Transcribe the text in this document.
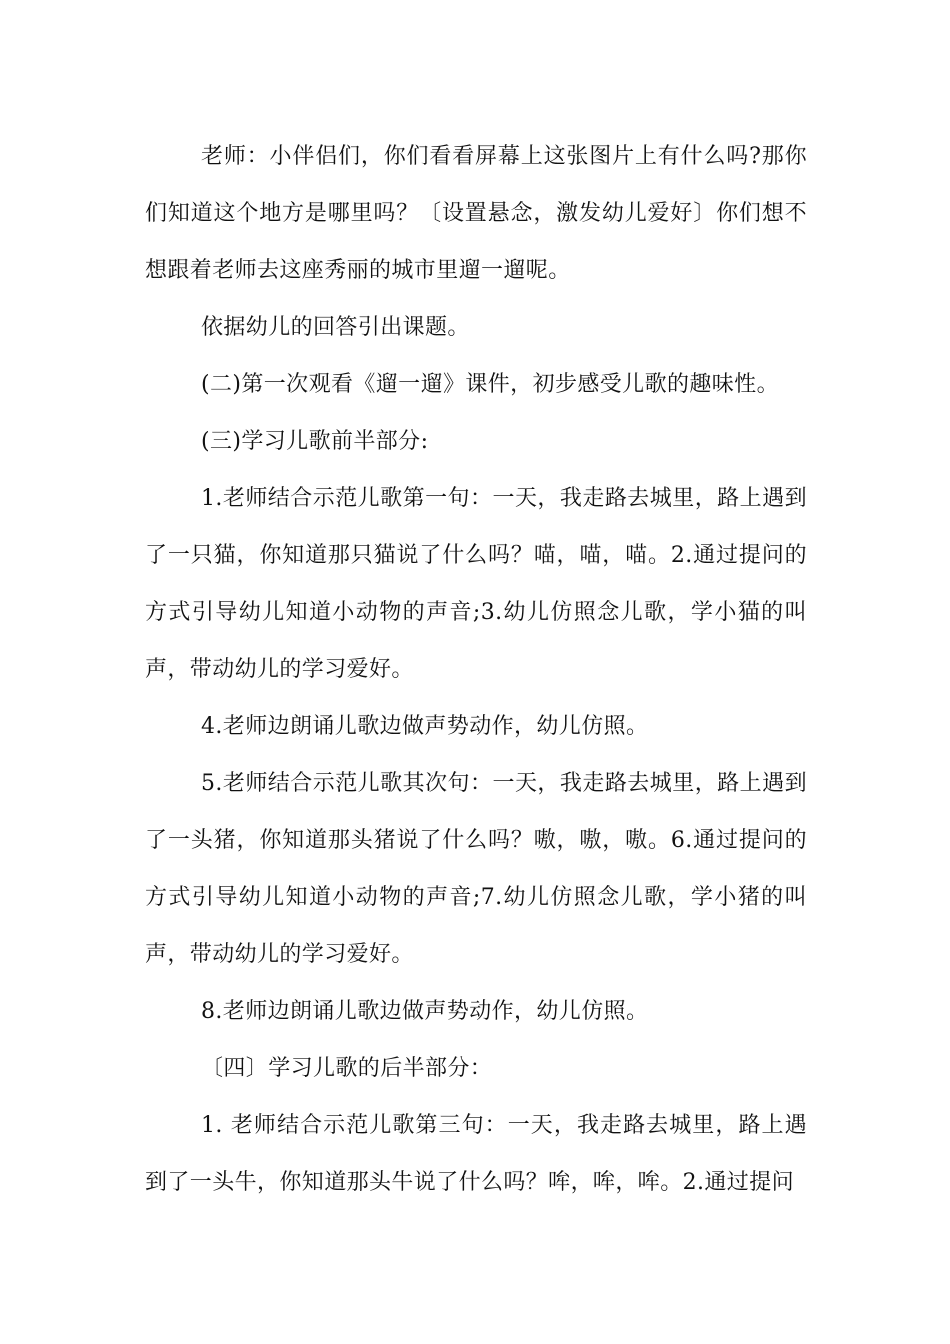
老师：小伴侣们，你们看看屏幕上这张图片上有什么吗?那你们知道这个地方是哪里吗？〔设置悬念，激发幼儿爱好〕你们想不想跟着老师去这座秀丽的城市里遛一遛呢。

依据幼儿的回答引出课题。

(二)第一次观看《遛一遛》课件，初步感受儿歌的趣味性。

(三)学习儿歌前半部分:

1.老师结合示范儿歌第一句：一天，我走路去城里，路上遇到了一只猫，你知道那只猫说了什么吗？喵，喵，喵。2.通过提问的方式引导幼儿知道小动物的声音;3.幼儿仿照念儿歌，学小猫的叫声，带动幼儿的学习爱好。

4.老师边朗诵儿歌边做声势动作，幼儿仿照。

5.老师结合示范儿歌其次句：一天，我走路去城里，路上遇到了一头猪，你知道那头猪说了什么吗？嗷，嗷，嗷。6.通过提问的方式引导幼儿知道小动物的声音;7.幼儿仿照念儿歌，学小猪的叫声，带动幼儿的学习爱好。

8.老师边朗诵儿歌边做声势动作，幼儿仿照。

〔四〕学习儿歌的后半部分：

1. 老师结合示范儿歌第三句：一天，我走路去城里，路上遇到了一头牛，你知道那头牛说了什么吗？哞，哞，哞。2.通过提问
